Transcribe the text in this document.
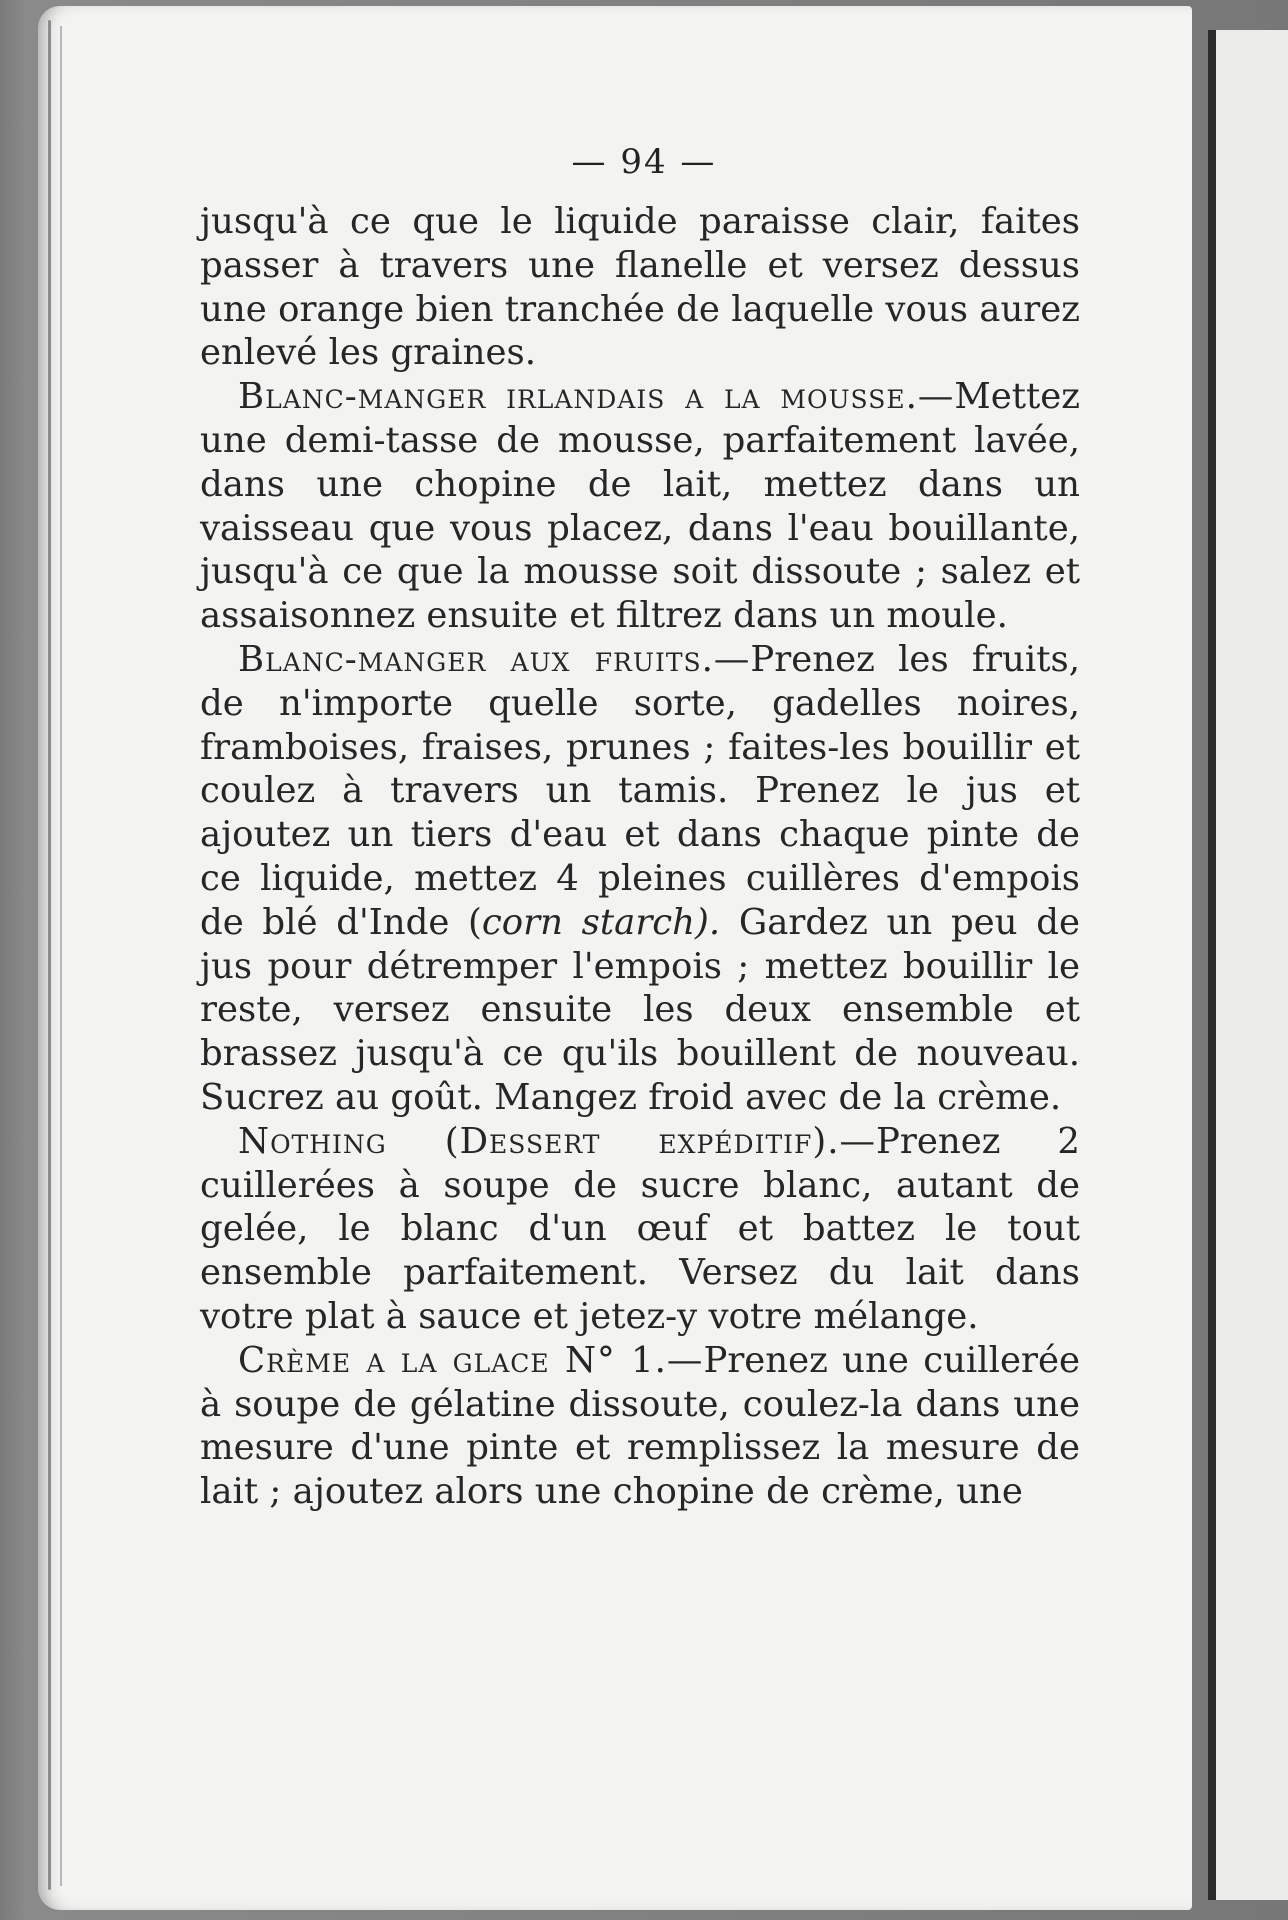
— 94 —

jusqu'à ce que le liquide paraisse clair, faites passer à travers une flanelle et versez dessus une orange bien tranchée de laquelle vous aurez enlevé les graines.

Blanc-manger irlandais a la mousse.—Mettez une demi-tasse de mousse, parfaitement lavée, dans une chopine de lait, mettez dans un vaisseau que vous placez, dans l'eau bouillante, jusqu'à ce que la mousse soit dissoute ; salez et assaisonnez ensuite et filtrez dans un moule.

Blanc-manger aux fruits.—Prenez les fruits, de n'importe quelle sorte, gadelles noires, framboises, fraises, prunes ; faites-les bouillir et coulez à travers un tamis. Prenez le jus et ajoutez un tiers d'eau et dans chaque pinte de ce liquide, mettez 4 pleines cuillères d'empois de blé d'Inde (corn starch). Gardez un peu de jus pour détremper l'empois ; mettez bouillir le reste, versez ensuite les deux ensemble et brassez jusqu'à ce qu'ils bouillent de nouveau. Sucrez au goût. Mangez froid avec de la crème.

Nothing (Dessert expéditif).—Prenez 2 cuillerées à soupe de sucre blanc, autant de gelée, le blanc d'un œuf et battez le tout ensemble parfaitement. Versez du lait dans votre plat à sauce et jetez-y votre mélange.

Crème a la glace N° 1.—Prenez une cuillerée à soupe de gélatine dissoute, coulez-la dans une mesure d'une pinte et remplissez la mesure de lait ; ajoutez alors une chopine de crème, une
